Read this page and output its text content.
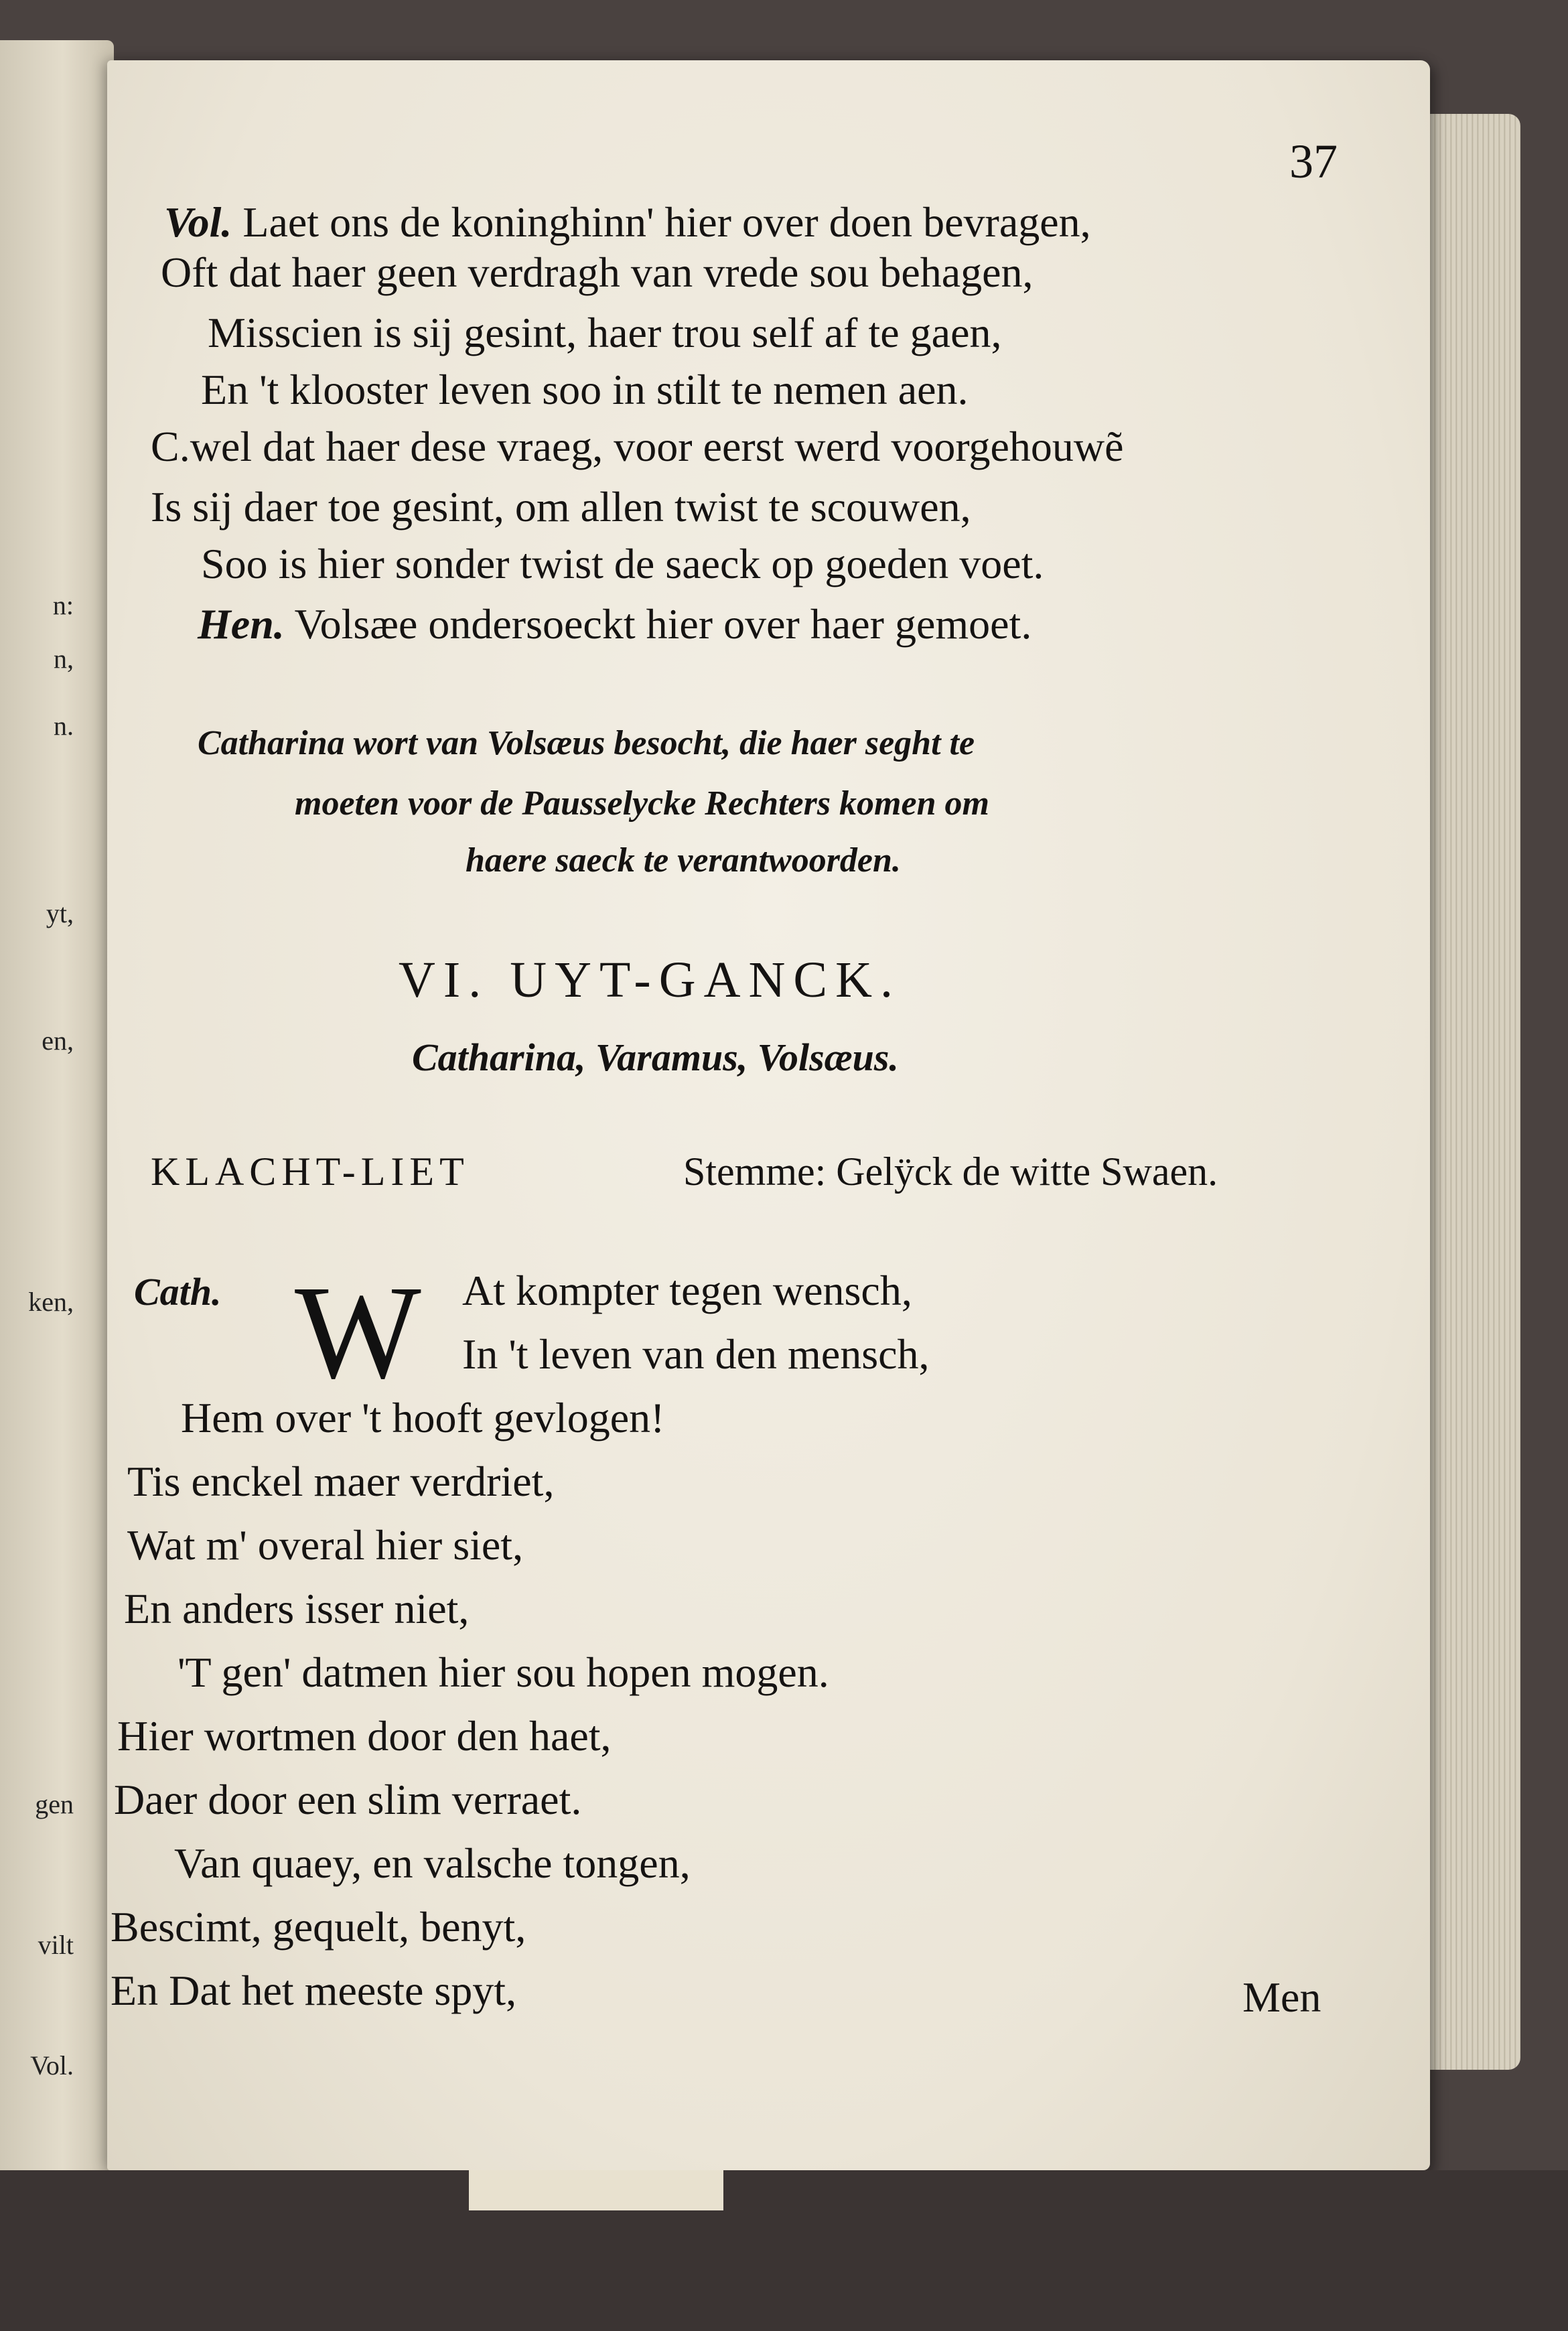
n:
n,
n.
yt,
en,
ken,
gen
vilt
Vol.
37
Vol. Laet ons de koninghinn' hier over doen bevragen,
Oft dat haer geen verdragh van vrede sou behagen,
Misscien is sij gesint, haer trou self af te gaen,
En 't klooster leven soo in stilt te nemen aen.
C.wel dat haer dese vraeg, voor eerst werd voorgehouwẽ
Is sij daer toe gesint, om allen twist te scouwen,
Soo is hier sonder twist de saeck op goeden voet.
Hen. Volsæe ondersoeckt hier over haer gemoet.
Catharina wort van Volsæus besocht, die haer seght te
moeten voor de Pausselycke Rechters komen om
haere saeck te verantwoorden.
VI. UYT-GANCK.
Catharina, Varamus, Volsæus.
KLACHT-LIET	Stemme: Gelÿck de witte Swaen.
Cath. W At kompter tegen wensch,
In 't leven van den mensch,
Hem over 't hooft gevlogen!
Tis enckel maer verdriet,
Wat m' overal hier siet,
En anders isser niet,
'T gen' datmen hier sou hopen mogen.
Hier wortmen door den haet,
Daer door een slim verraet.
Van quaey, en valsche tongen,
Bescimt, gequelt, benyt,
En Dat het meeste spyt,	Men
